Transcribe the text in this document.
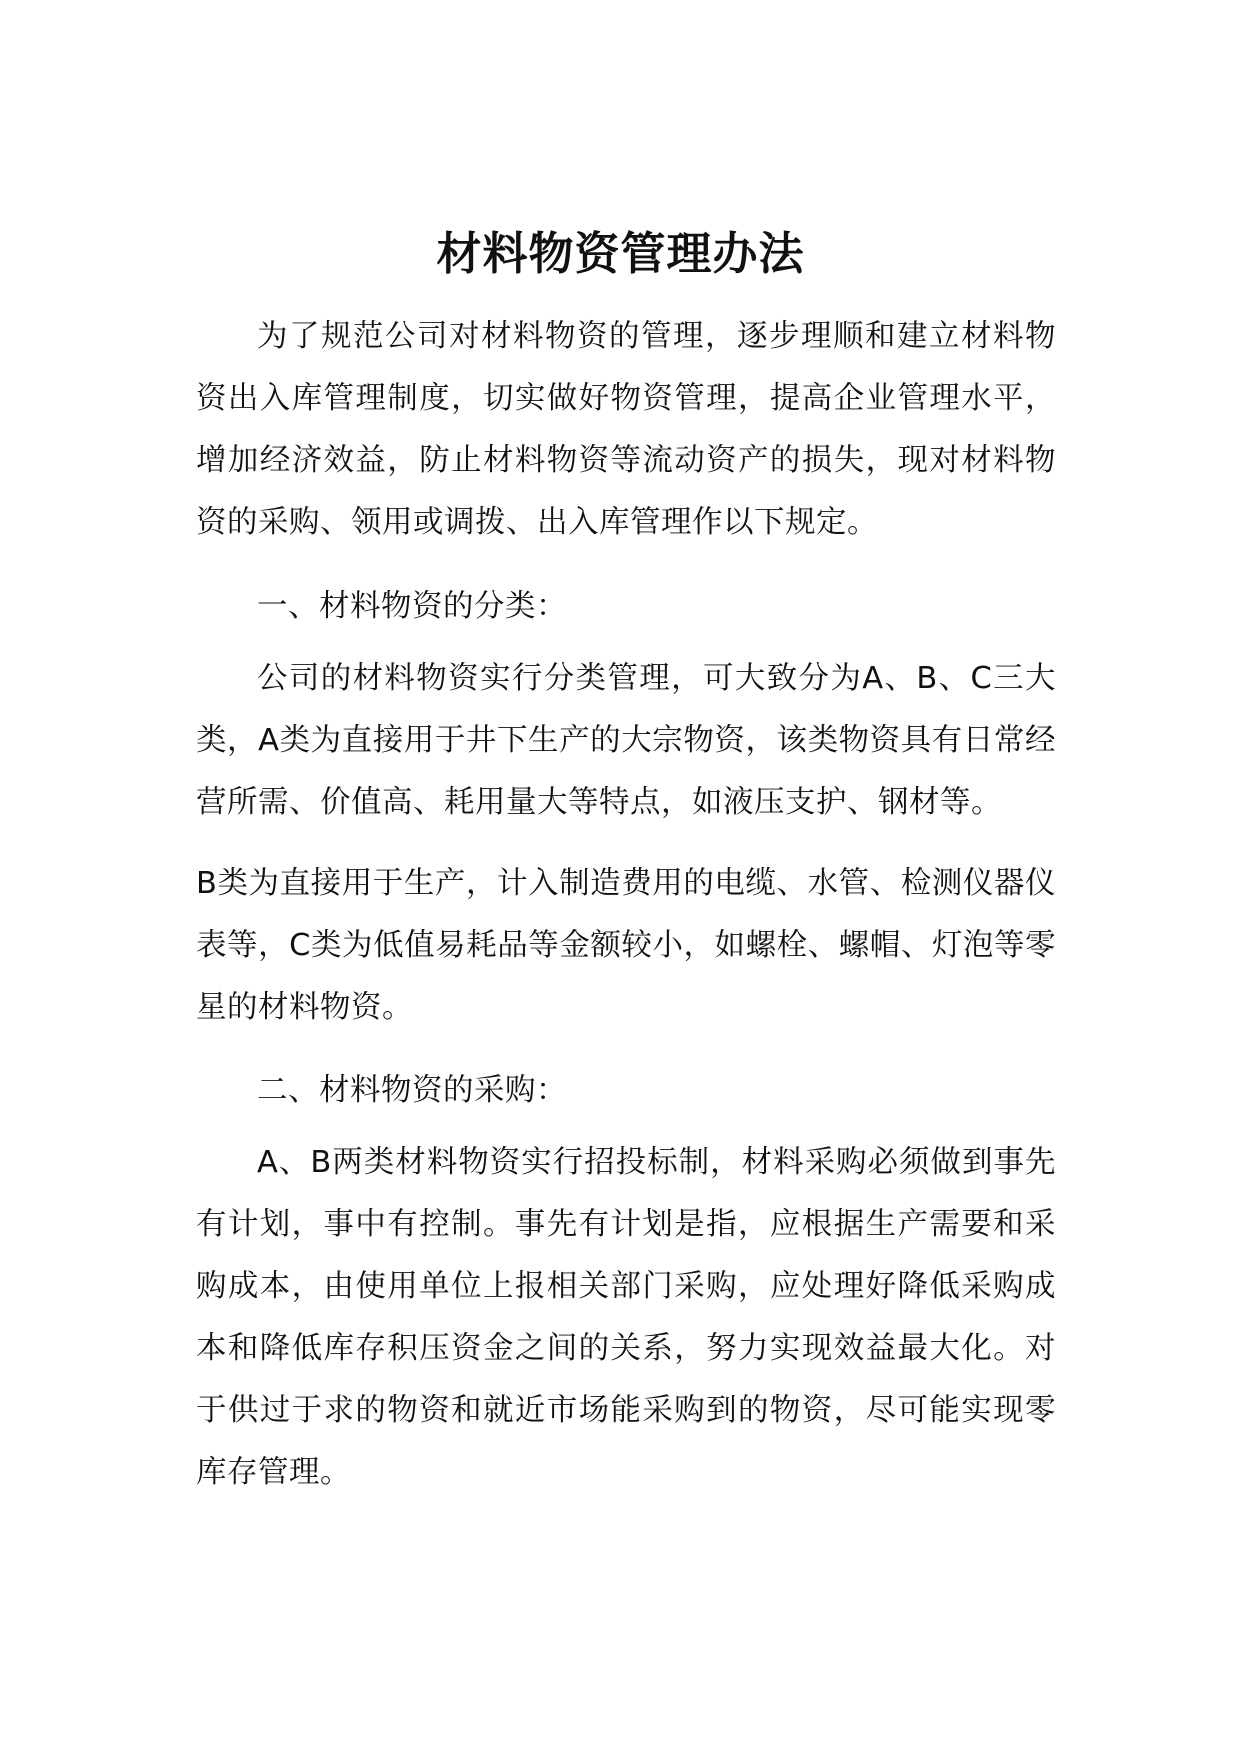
材料物资管理办法

为了规范公司对材料物资的管理，逐步理顺和建立材料物资出入库管理制度，切实做好物资管理，提高企业管理水平，增加经济效益，防止材料物资等流动资产的损失，现对材料物资的采购、领用或调拨、出入库管理作以下规定。

一、材料物资的分类：

公司的材料物资实行分类管理，可大致分为A、B、C三大类，A类为直接用于井下生产的大宗物资，该类物资具有日常经营所需、价值高、耗用量大等特点，如液压支护、钢材等。

B类为直接用于生产，计入制造费用的电缆、水管、检测仪器仪表等，C类为低值易耗品等金额较小，如螺栓、螺帽、灯泡等零星的材料物资。

二、材料物资的采购：

A、B两类材料物资实行招投标制，材料采购必须做到事先有计划，事中有控制。事先有计划是指，应根据生产需要和采购成本，由使用单位上报相关部门采购，应处理好降低采购成本和降低库存积压资金之间的关系，努力实现效益最大化。对于供过于求的物资和就近市场能采购到的物资，尽可能实现零库存管理。
